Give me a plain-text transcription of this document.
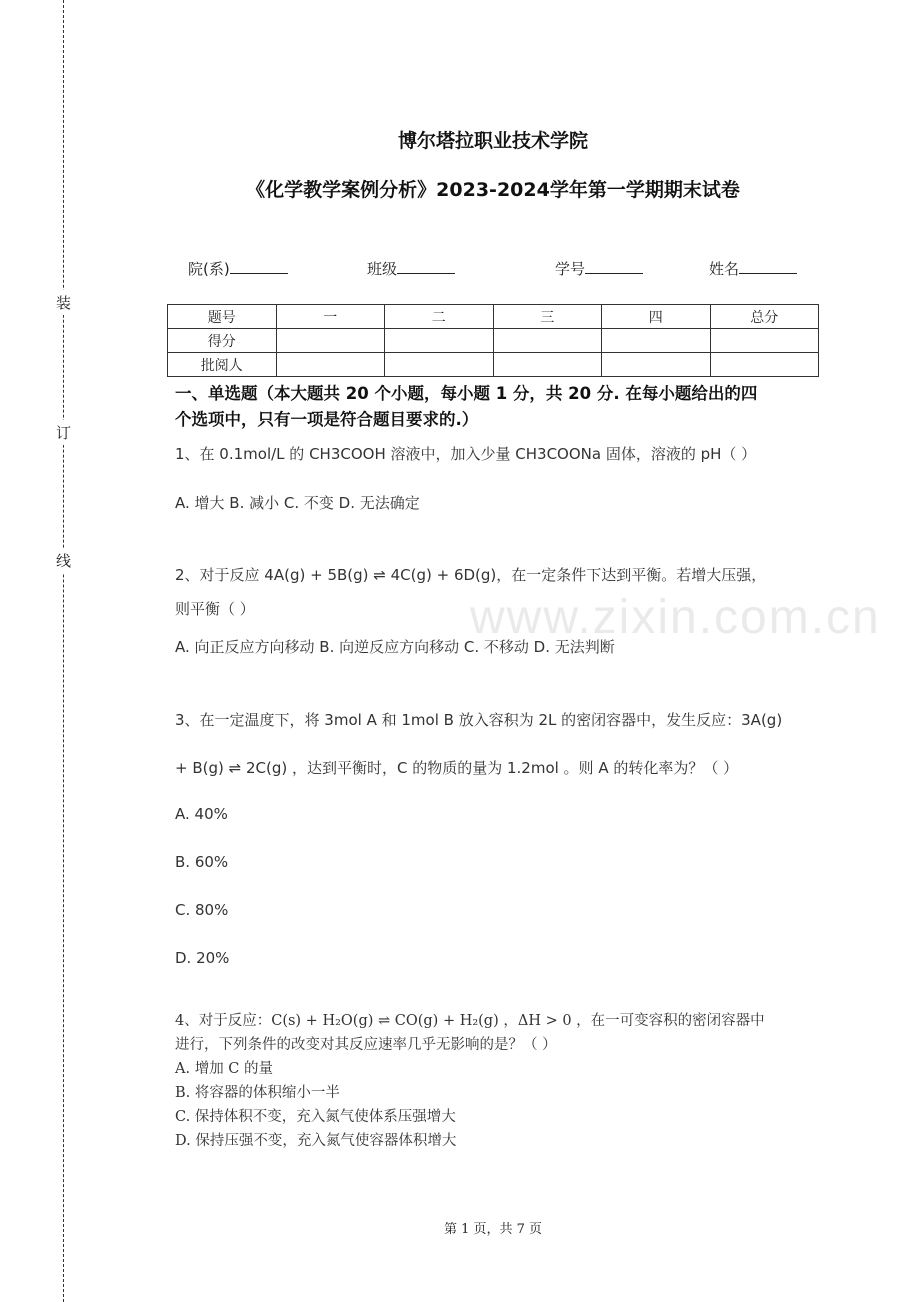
装
订
线
博尔塔拉职业技术学院
《化学教学案例分析》2023-2024学年第一学期期末试卷
院(系)	班级	学号	姓名
题号	一	二	三	四	总分
得分					
批阅人					
一、单选题（本大题共 20 个小题，每小题 1 分，共 20 分. 在每小题给出的四
个选项中，只有一项是符合题目要求的.）
www.zixin.com.cn
1、在 0.1mol/L 的 CH3COOH 溶液中，加入少量 CH3COONa 固体，溶液的 pH（ ）
A. 增大 B. 减小 C. 不变 D. 无法确定
2、对于反应 4A(g) + 5B(g) ⇌ 4C(g) + 6D(g)，在一定条件下达到平衡。若增大压强，
则平衡（ ）
A. 向正反应方向移动 B. 向逆反应方向移动 C. 不移动 D. 无法判断
3、在一定温度下，将 3mol A 和 1mol B 放入容积为 2L 的密闭容器中，发生反应：3A(g)
+ B(g) ⇌ 2C(g) ，达到平衡时，C 的物质的量为 1.2mol 。则 A 的转化率为？（ ）
A. 40%
B. 60%
C. 80%
D. 20%
4、对于反应：C(s) + H₂O(g) ⇌ CO(g) + H₂(g) ，ΔH > 0 ，在一可变容积的密闭容器中
进行，下列条件的改变对其反应速率几乎无影响的是？（ ）
A. 增加 C 的量
B. 将容器的体积缩小一半
C. 保持体积不变，充入氮气使体系压强增大
D. 保持压强不变，充入氮气使容器体积增大
第 1 页，共 7 页
